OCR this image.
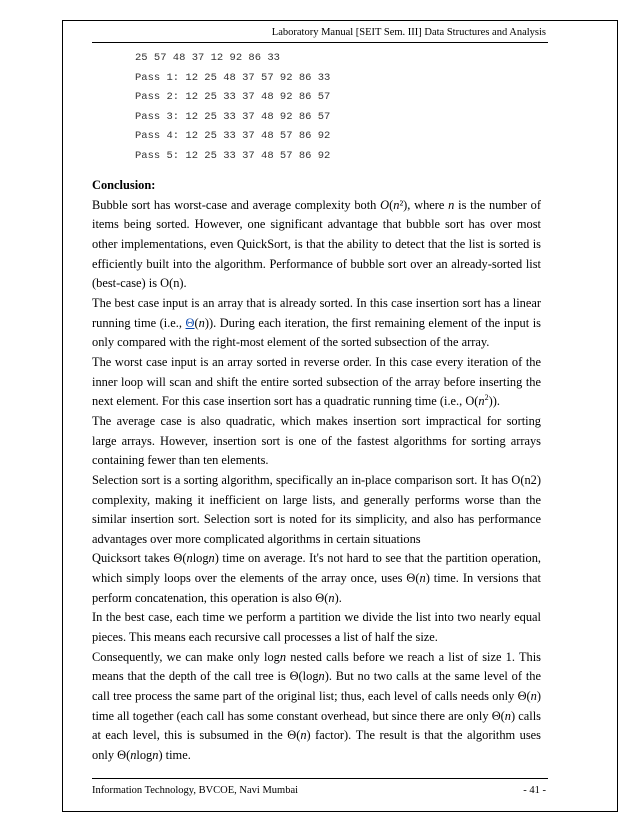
Laboratory Manual [SEIT Sem. III] Data Structures and Analysis
25 57 48 37 12 92 86 33
Pass 1: 12 25 48 37 57 92 86 33
Pass 2: 12 25 33 37 48 92 86 57
Pass 3: 12 25 33 37 48 92 86 57
Pass 4: 12 25 33 37 48 57 86 92
Pass 5: 12 25 33 37 48 57 86 92
Conclusion:
Bubble sort has worst-case and average complexity both O(n²), where n is the number of items being sorted. However, one significant advantage that bubble sort has over most other implementations, even QuickSort, is that the ability to detect that the list is sorted is efficiently built into the algorithm. Performance of bubble sort over an already-sorted list (best-case) is O(n).
The best case input is an array that is already sorted. In this case insertion sort has a linear running time (i.e., Θ(n)). During each iteration, the first remaining element of the input is only compared with the right-most element of the sorted subsection of the array.
The worst case input is an array sorted in reverse order. In this case every iteration of the inner loop will scan and shift the entire sorted subsection of the array before inserting the next element. For this case insertion sort has a quadratic running time (i.e., $O(n^2)$).
The average case is also quadratic, which makes insertion sort impractical for sorting large arrays. However, insertion sort is one of the fastest algorithms for sorting arrays containing fewer than ten elements.
Selection sort is a sorting algorithm, specifically an in-place comparison sort. It has O(n2) complexity, making it inefficient on large lists, and generally performs worse than the similar insertion sort. Selection sort is noted for its simplicity, and also has performance advantages over more complicated algorithms in certain situations
Quicksort takes Θ(nlogn) time on average. It's not hard to see that the partition operation, which simply loops over the elements of the array once, uses Θ(n) time. In versions that perform concatenation, this operation is also Θ(n).
In the best case, each time we perform a partition we divide the list into two nearly equal pieces. This means each recursive call processes a list of half the size.
Consequently, we can make only logn nested calls before we reach a list of size 1. This means that the depth of the call tree is Θ(logn). But no two calls at the same level of the call tree process the same part of the original list; thus, each level of calls needs only Θ(n) time all together (each call has some constant overhead, but since there are only Θ(n) calls at each level, this is subsumed in the Θ(n) factor). The result is that the algorithm uses only Θ(nlogn) time.
Information Technology, BVCOE, Navi Mumbai	- 41 -
